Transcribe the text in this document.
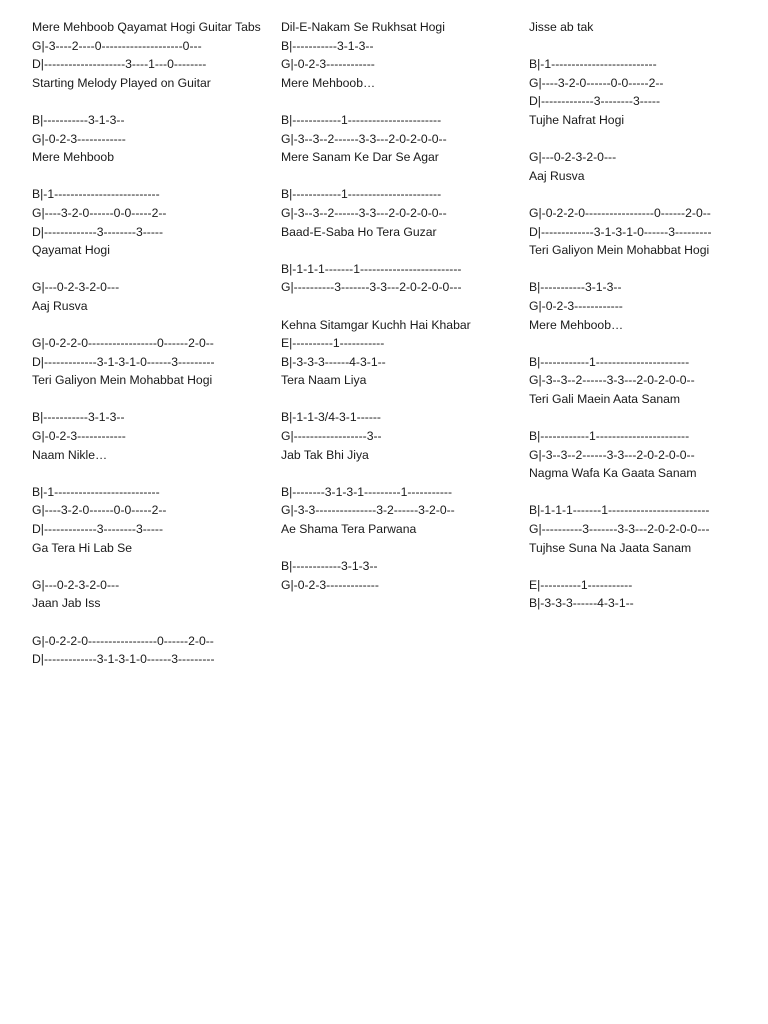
Mere Mehboob Qayamat Hogi Guitar Tabs
G|-3----2----0--------------------0---
D|--------------------3----1---0--------
Starting Melody Played on Guitar
B|-----------3-1-3--
G|-0-2-3------------
Mere Mehboob
B|-1--------------------------
G|----3-2-0------0-0-----2--
D|-------------3--------3-----
Qayamat Hogi
G|---0-2-3-2-0---
Aaj Rusva
G|-0-2-2-0-----------------0------2-0--
D|-------------3-1-3-1-0------3---------
Teri Galiyon Mein Mohabbat Hogi
B|-----------3-1-3--
G|-0-2-3------------
Naam Nikle…
B|-1--------------------------
G|----3-2-0------0-0-----2--
D|-------------3--------3-----
Ga Tera Hi Lab Se
G|---0-2-3-2-0---
Jaan Jab Iss
G|-0-2-2-0-----------------0------2-0--
D|-------------3-1-3-1-0------3---------
Dil-E-Nakam Se Rukhsat Hogi
B|-----------3-1-3--
G|-0-2-3------------
Mere Mehboob…
B|------------1-----------------------
G|-3--3--2------3-3---2-0-2-0-0--
Mere Sanam Ke Dar Se Agar
B|------------1-----------------------
G|-3--3--2------3-3---2-0-2-0-0--
Baad-E-Saba Ho Tera Guzar
B|-1-1-1-------1-------------------------
G|----------3-------3-3---2-0-2-0-0---
Kehna Sitamgar Kuchh Hai Khabar
E|----------1-----------
B|-3-3-3------4-3-1--
Tera Naam Liya
B|-1-1-3/4-3-1------
G|------------------3--
Jab Tak Bhi Jiya
B|--------3-1-3-1---------1-----------
G|-3-3---------------3-2------3-2-0--
Ae Shama Tera Parwana
B|------------3-1-3--
G|-0-2-3-------------
Jisse ab tak
B|-1--------------------------
G|----3-2-0------0-0-----2--
D|-------------3--------3-----
Tujhe Nafrat Hogi
G|---0-2-3-2-0---
Aaj Rusva
G|-0-2-2-0-----------------0------2-0--
D|-------------3-1-3-1-0------3---------
Teri Galiyon Mein Mohabbat Hogi
B|-----------3-1-3--
G|-0-2-3------------
Mere Mehboob…
B|------------1-----------------------
G|-3--3--2------3-3---2-0-2-0-0--
Teri Gali Maein Aata Sanam
B|------------1-----------------------
G|-3--3--2------3-3---2-0-2-0-0--
Nagma Wafa Ka Gaata Sanam
B|-1-1-1-------1-------------------------
G|----------3-------3-3---2-0-2-0-0---
Tujhse Suna Na Jaata Sanam
E|----------1-----------
B|-3-3-3------4-3-1--
